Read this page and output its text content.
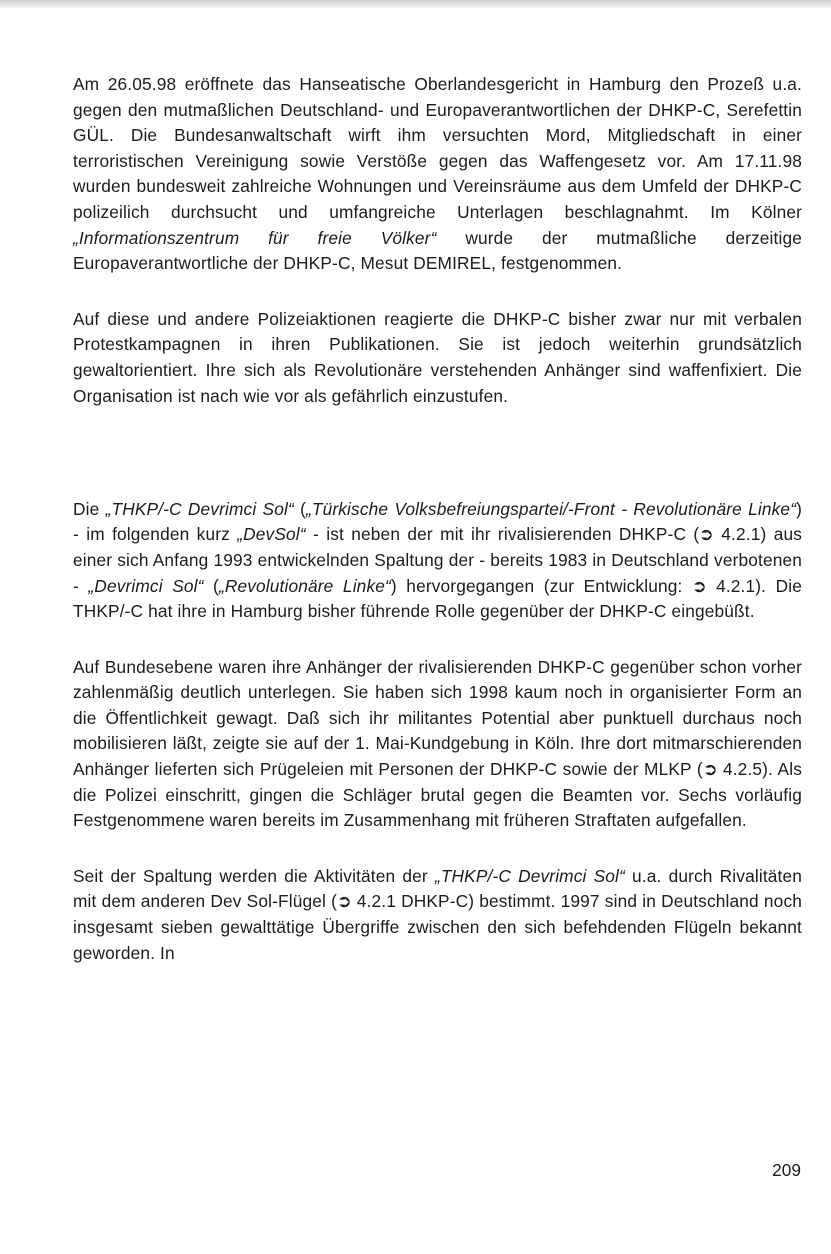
Am 26.05.98 eröffnete das Hanseatische Oberlandesgericht in Hamburg den Prozeß u.a. gegen den mutmaßlichen Deutschland- und Europaverantwortlichen der DHKP-C, Serefettin GÜL. Die Bundesanwaltschaft wirft ihm versuchten Mord, Mitgliedschaft in einer terroristischen Vereinigung sowie Verstöße gegen das Waffengesetz vor. Am 17.11.98 wurden bundesweit zahlreiche Wohnungen und Vereinsräume aus dem Umfeld der DHKP-C polizeilich durchsucht und umfangreiche Unterlagen beschlagnahmt. Im Kölner „Informationszentrum für freie Völker“ wurde der mutmaßliche derzeitige Europaverantwortliche der DHKP-C, Mesut DEMIREL, festgenommen.

Auf diese und andere Polizeiaktionen reagierte die DHKP-C bisher zwar nur mit verbalen Protestkampagnen in ihren Publikationen. Sie ist jedoch weiterhin grundsätzlich gewaltorientiert. Ihre sich als Revolutionäre verstehenden Anhänger sind waffenfixiert. Die Organisation ist nach wie vor als gefährlich einzustufen.

Die „THKP/-C Devrimci Sol“ („Türkische Volksbefreiungspartei/-Front - Revolutionäre Linke“) - im folgenden kurz „DevSol“ - ist neben der mit ihr rivalisierenden DHKP-C (➲ 4.2.1) aus einer sich Anfang 1993 entwickelnden Spaltung der - bereits 1983 in Deutschland verbotenen - „Devrimci Sol“ („Revolutionäre Linke“) hervorgegangen (zur Entwicklung: ➲ 4.2.1). Die THKP/-C hat ihre in Hamburg bisher führende Rolle gegenüber der DHKP-C eingebüßt.

Auf Bundesebene waren ihre Anhänger der rivalisierenden DHKP-C gegenüber schon vorher zahlenmäßig deutlich unterlegen. Sie haben sich 1998 kaum noch in organisierter Form an die Öffentlichkeit gewagt. Daß sich ihr militantes Potential aber punktuell durchaus noch mobilisieren läßt, zeigte sie auf der 1. Mai-Kundgebung in Köln. Ihre dort mitmarschierenden Anhänger lieferten sich Prügeleien mit Personen der DHKP-C sowie der MLKP (➲ 4.2.5). Als die Polizei einschritt, gingen die Schläger brutal gegen die Beamten vor. Sechs vorläufig Festgenommene waren bereits im Zusammenhang mit früheren Straftaten aufgefallen.

Seit der Spaltung werden die Aktivitäten der „THKP/-C Devrimci Sol“ u.a. durch Rivalitäten mit dem anderen Dev Sol-Flügel (➲ 4.2.1 DHKP-C) bestimmt. 1997 sind in Deutschland noch insgesamt sieben gewalttätige Übergriffe zwischen den sich befehdenden Flügeln bekannt geworden. In

209
